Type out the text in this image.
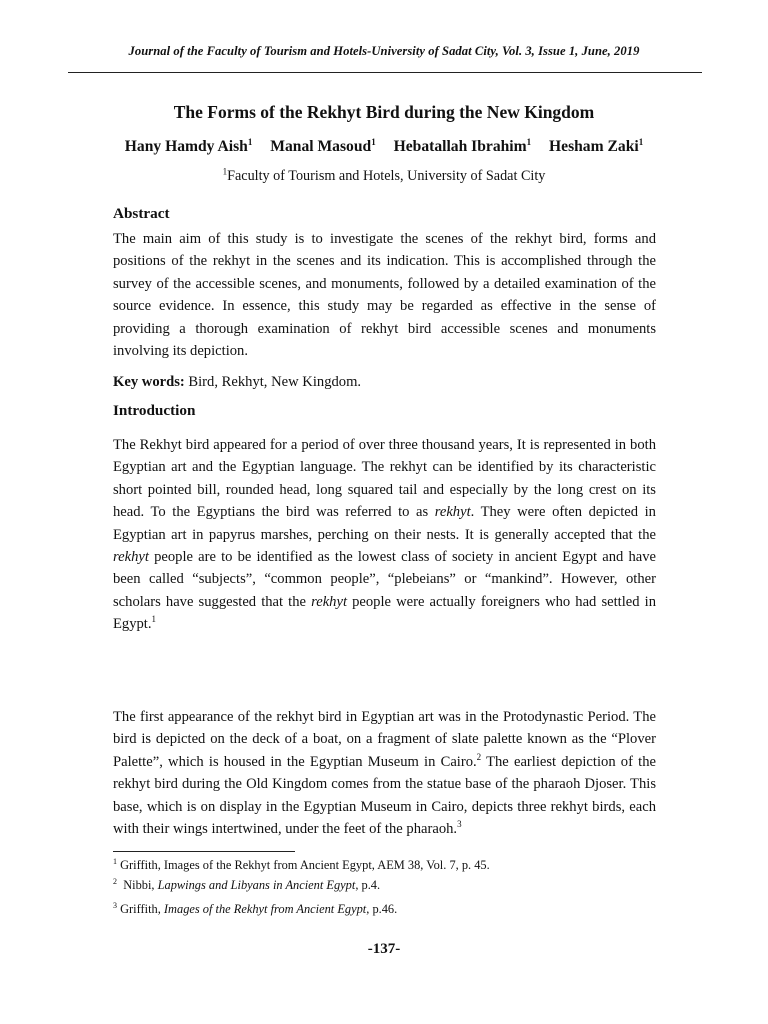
Journal of the Faculty of Tourism and Hotels-University of Sadat City, Vol. 3, Issue 1, June, 2019
The Forms of the Rekhyt Bird during the New Kingdom
Hany Hamdy Aish$^1$ Manal Masoud$^1$ Hebatallah Ibrahim$^1$ Hesham Zaki$^1$
$^1$Faculty of Tourism and Hotels, University of Sadat City
Abstract

The main aim of this study is to investigate the scenes of the rekhyt bird, forms and positions of the rekhyt in the scenes and its indication. This is accomplished through the survey of the accessible scenes, and monuments, followed by a detailed examination of the source evidence. In essence, this study may be regarded as effective in the sense of providing a thorough examination of rekhyt bird accessible scenes and monuments involving its depiction.

Key words: Bird, Rekhyt, New Kingdom.
Introduction

The Rekhyt bird appeared for a period of over three thousand years, It is represented in both Egyptian art and the Egyptian language. The rekhyt can be identified by its characteristic short pointed bill, rounded head, long squared tail and especially by the long crest on its head. To the Egyptians the bird was referred to as rekhyt. They were often depicted in Egyptian art in papyrus marshes, perching on their nests. It is generally accepted that the rekhyt people are to be identified as the lowest class of society in ancient Egypt and have been called “subjects”, “common people”, “plebeians” or “mankind”. However, other scholars have suggested that the rekhyt people were actually foreigners who had settled in Egypt.$^1$

The first appearance of the rekhyt bird in Egyptian art was in the Protodynastic Period. The bird is depicted on the deck of a boat, on a fragment of slate palette known as the “Plover Palette”, which is housed in the Egyptian Museum in Cairo.$^2$ The earliest depiction of the rekhyt bird during the Old Kingdom comes from the statue base of the pharaoh Djoser. This base, which is on display in the Egyptian Museum in Cairo, depicts three rekhyt birds, each with their wings intertwined, under the feet of the pharaoh.$^3$

$^1$ Griffith, Images of the Rekhyt from Ancient Egypt, AEM 38, Vol. 7, p. 45.
$^2$  Nibbi, Lapwings and Libyans in Ancient Egypt, p.4.
$^3$ Griffith, Images of the Rekhyt from Ancient Egypt, p.46.
-137-
